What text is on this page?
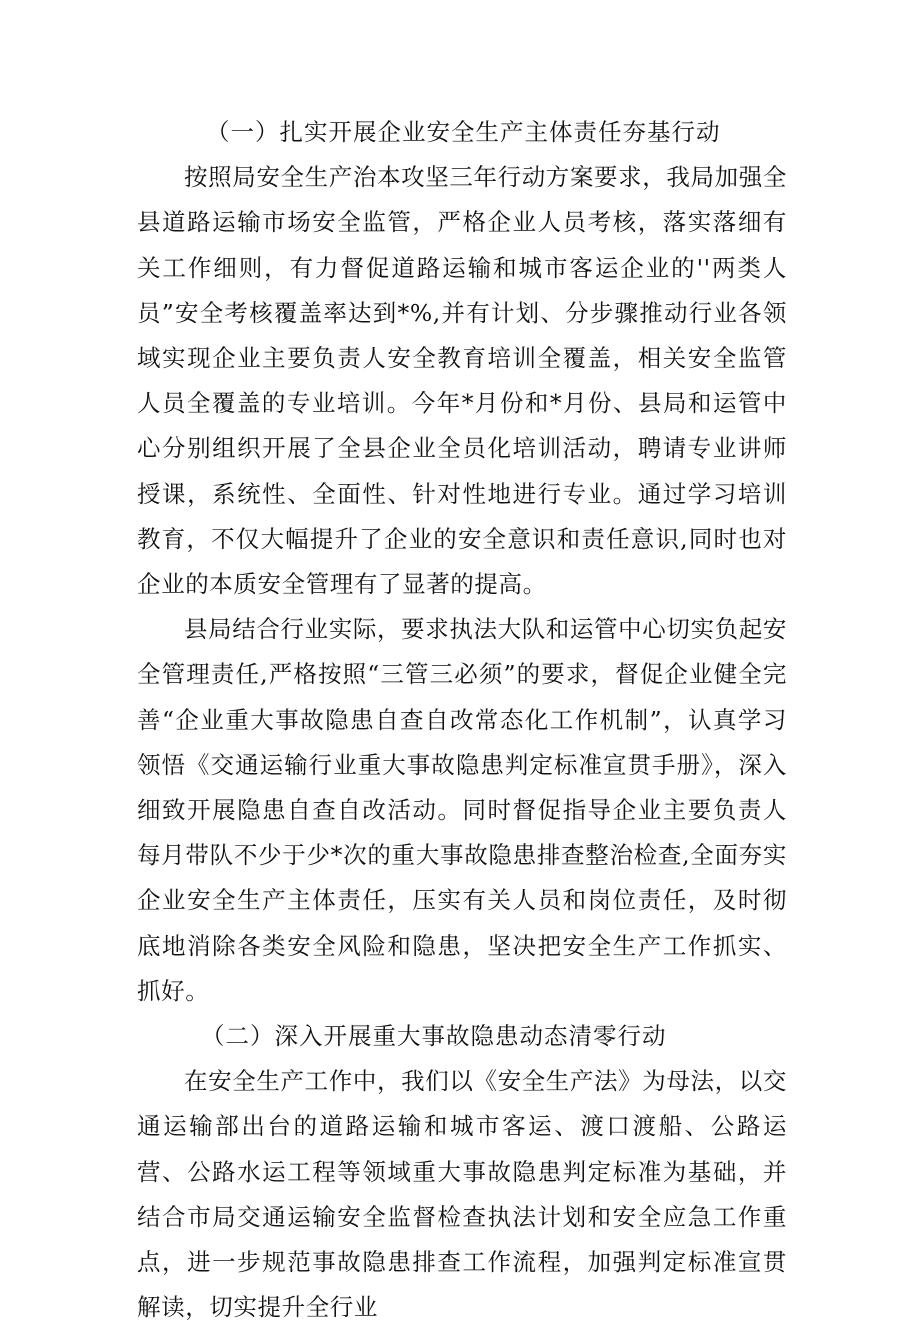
（一）扎实开展企业安全生产主体责任夯基行动

按照局安全生产治本攻坚三年行动方案要求，我局加强全县道路运输市场安全监管，严格企业人员考核，落实落细有关工作细则，有力督促道路运输和城市客运企业的''两类人员”安全考核覆盖率达到*%,并有计划、分步骤推动行业各领域实现企业主要负责人安全教育培训全覆盖，相关安全监管人员全覆盖的专业培训。今年*月份和*月份、县局和运管中心分别组织开展了全县企业全员化培训活动，聘请专业讲师授课，系统性、全面性、针对性地进行专业。通过学习培训教育，不仅大幅提升了企业的安全意识和责任意识,同时也对企业的本质安全管理有了显著的提高。

县局结合行业实际，要求执法大队和运管中心切实负起安全管理责任,严格按照“三管三必须”的要求，督促企业健全完善“企业重大事故隐患自查自改常态化工作机制”，认真学习领悟《交通运输行业重大事故隐患判定标准宣贯手册》，深入细致开展隐患自查自改活动。同时督促指导企业主要负责人每月带队不少于少*次的重大事故隐患排查整治检查,全面夯实企业安全生产主体责任，压实有关人员和岗位责任，及时彻底地消除各类安全风险和隐患，坚决把安全生产工作抓实、抓好。

（二）深入开展重大事故隐患动态清零行动

在安全生产工作中，我们以《安全生产法》为母法，以交通运输部出台的道路运输和城市客运、渡口渡船、公路运营、公路水运工程等领域重大事故隐患判定标准为基础，并结合市局交通运输安全监督检查执法计划和安全应急工作重点，进一步规范事故隐患排查工作流程，加强判定标准宣贯解读，切实提升全行业
